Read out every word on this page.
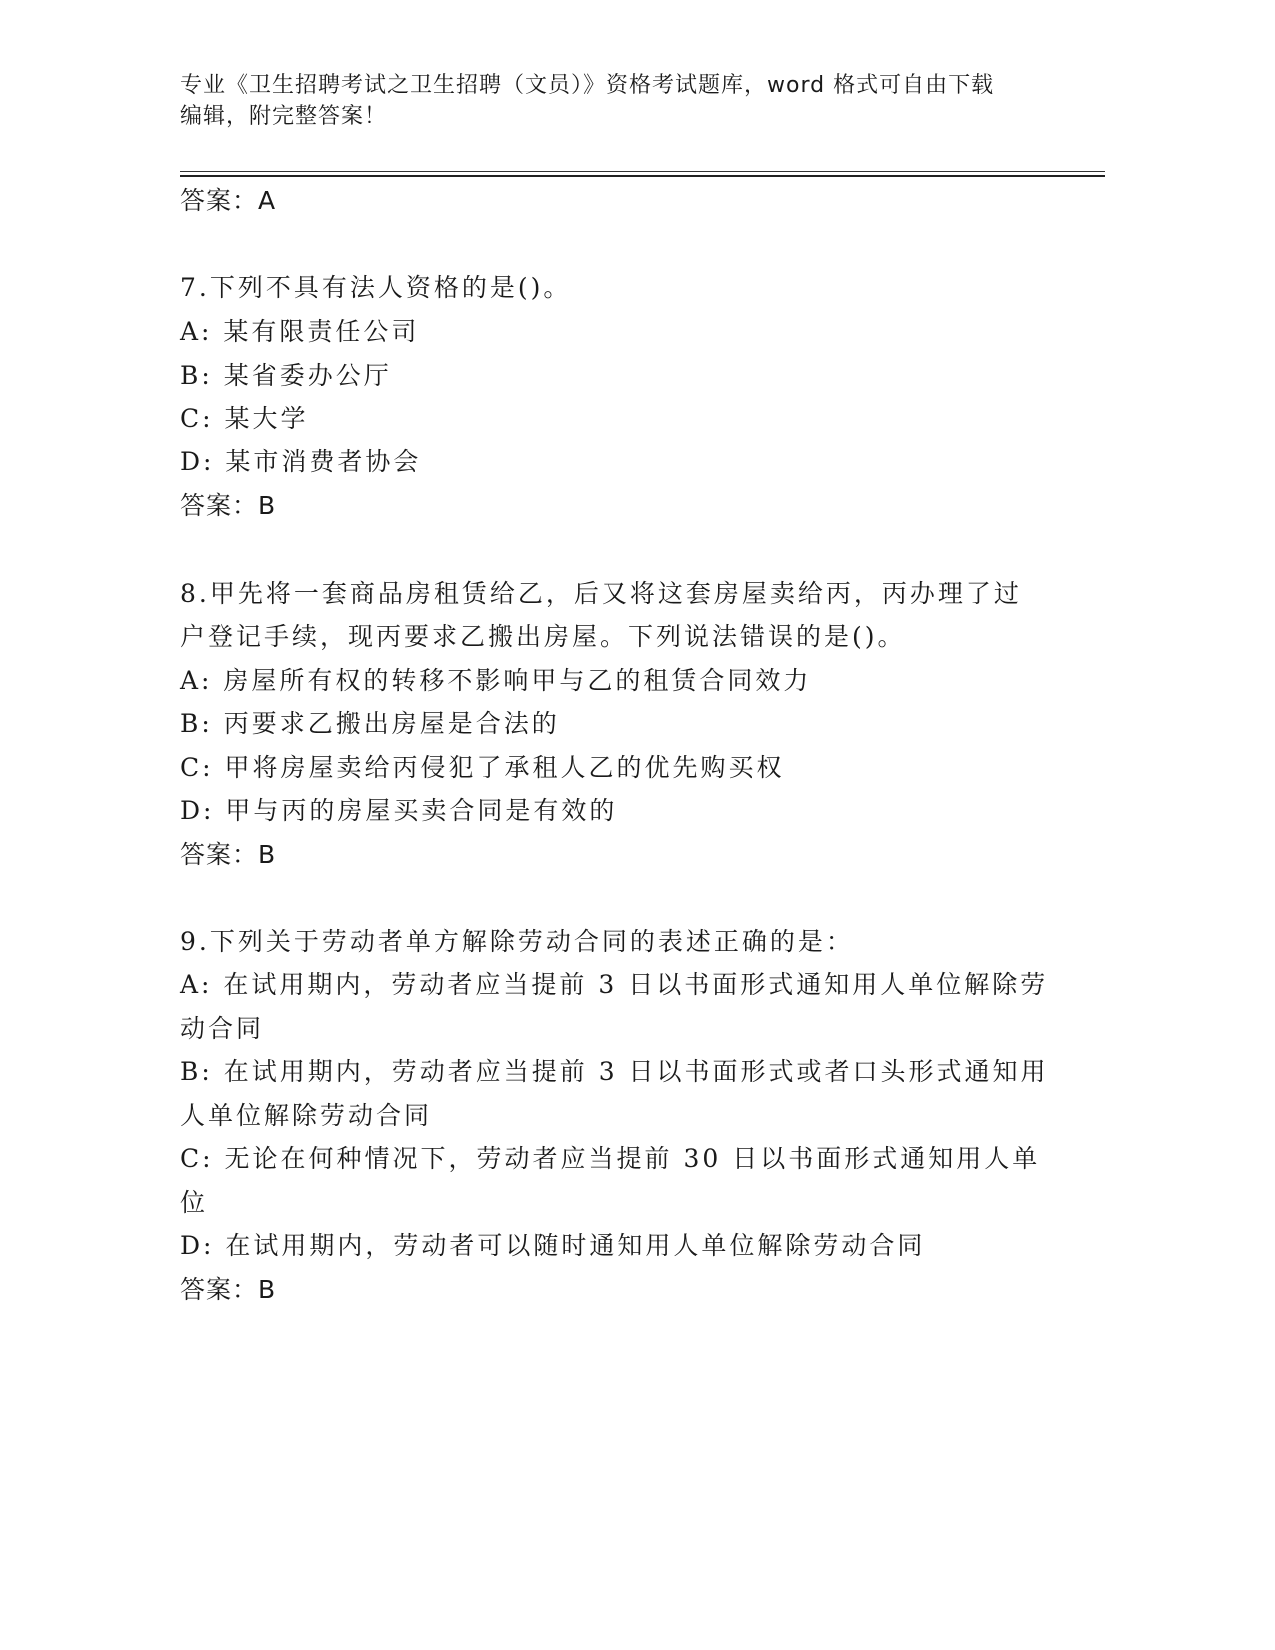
专业《卫生招聘考试之卫生招聘（文员）》资格考试题库，word 格式可自由下载
编辑，附完整答案！
答案：A
7.下列不具有法人资格的是()。
A: 某有限责任公司
B: 某省委办公厅
C: 某大学
D: 某市消费者协会
答案：B
8.甲先将一套商品房租赁给乙，后又将这套房屋卖给丙，丙办理了过
户登记手续，现丙要求乙搬出房屋。下列说法错误的是()。
A: 房屋所有权的转移不影响甲与乙的租赁合同效力
B: 丙要求乙搬出房屋是合法的
C: 甲将房屋卖给丙侵犯了承租人乙的优先购买权
D: 甲与丙的房屋买卖合同是有效的
答案：B
9.下列关于劳动者单方解除劳动合同的表述正确的是：
A: 在试用期内，劳动者应当提前 3 日以书面形式通知用人单位解除劳
动合同
B: 在试用期内，劳动者应当提前 3 日以书面形式或者口头形式通知用
人单位解除劳动合同
C: 无论在何种情况下，劳动者应当提前 30 日以书面形式通知用人单
位
D: 在试用期内，劳动者可以随时通知用人单位解除劳动合同
答案：B
